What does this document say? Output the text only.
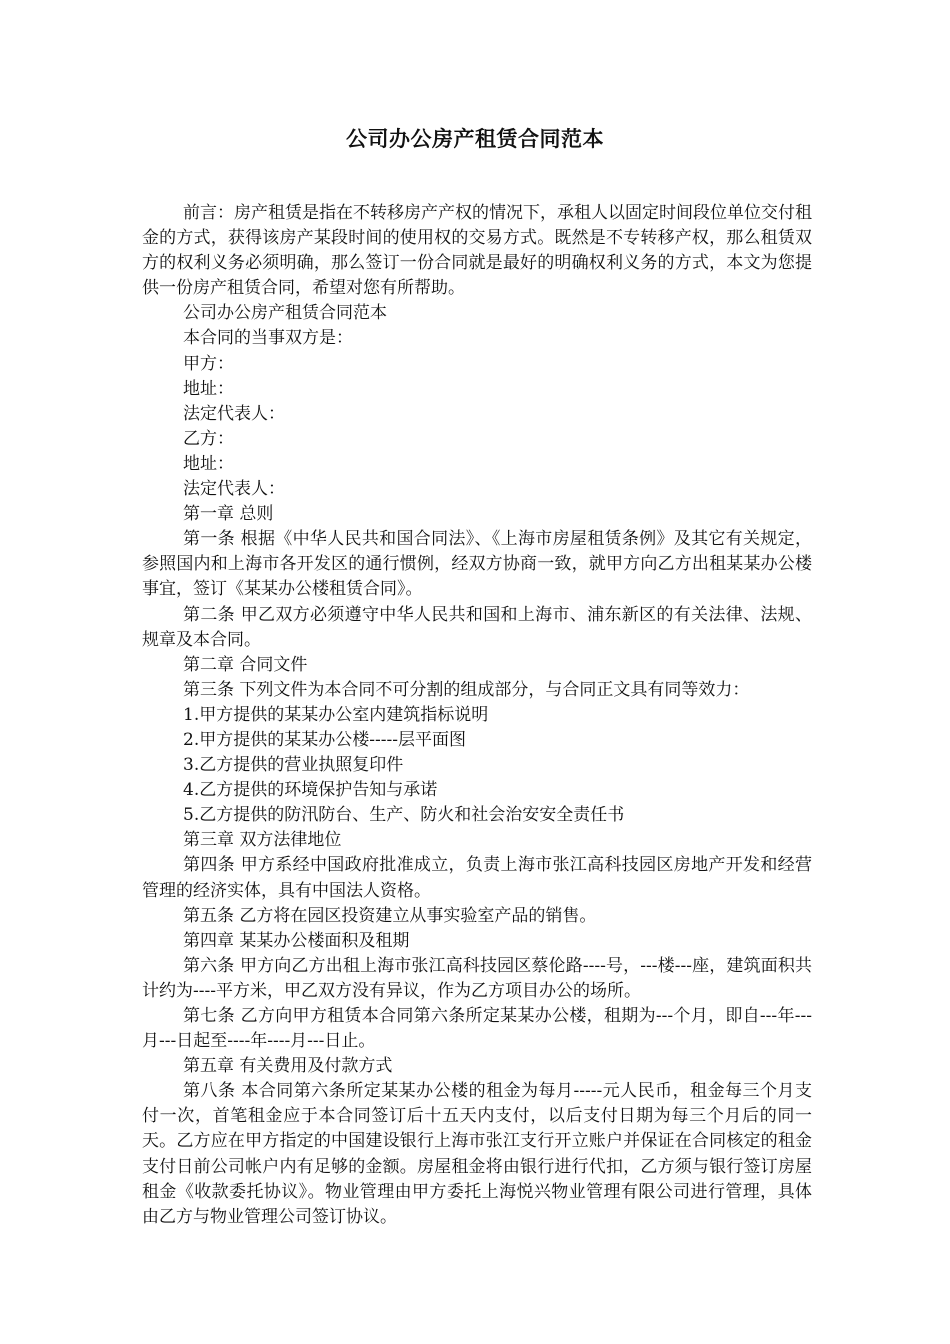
公司办公房产租赁合同范本

前言：房产租赁是指在不转移房产产权的情况下，承租人以固定时间段位单位交付租金的方式，获得该房产某段时间的使用权的交易方式。既然是不专转移产权，那么租赁双方的权利义务必须明确，那么签订一份合同就是最好的明确权利义务的方式，本文为您提供一份房产租赁合同，希望对您有所帮助。

公司办公房产租赁合同范本

本合同的当事双方是：

甲方：

地址：

法定代表人：

乙方：

地址：

法定代表人：

第一章 总则

第一条 根据《中华人民共和国合同法》、《上海市房屋租赁条例》及其它有关规定，参照国内和上海市各开发区的通行惯例，经双方协商一致，就甲方向乙方出租某某办公楼事宜，签订《某某办公楼租赁合同》。

第二条 甲乙双方必须遵守中华人民共和国和上海市、浦东新区的有关法律、法规、规章及本合同。

第二章 合同文件

第三条 下列文件为本合同不可分割的组成部分，与合同正文具有同等效力：

1.甲方提供的某某办公室内建筑指标说明

2.甲方提供的某某办公楼-----层平面图

3.乙方提供的营业执照复印件

4.乙方提供的环境保护告知与承诺

5.乙方提供的防汛防台、生产、防火和社会治安安全责任书

第三章 双方法律地位

第四条 甲方系经中国政府批准成立，负责上海市张江高科技园区房地产开发和经营管理的经济实体，具有中国法人资格。

第五条 乙方将在园区投资建立从事实验室产品的销售。

第四章 某某办公楼面积及租期

第六条 甲方向乙方出租上海市张江高科技园区蔡伦路----号，---楼---座，建筑面积共计约为----平方米，甲乙双方没有异议，作为乙方项目办公的场所。

第七条 乙方向甲方租赁本合同第六条所定某某办公楼，租期为---个月，即自---年---月---日起至----年----月---日止。

第五章 有关费用及付款方式

第八条 本合同第六条所定某某办公楼的租金为每月-----元人民币，租金每三个月支付一次，首笔租金应于本合同签订后十五天内支付，以后支付日期为每三个月后的同一天。乙方应在甲方指定的中国建设银行上海市张江支行开立账户并保证在合同核定的租金支付日前公司帐户内有足够的金额。房屋租金将由银行进行代扣，乙方须与银行签订房屋租金《收款委托协议》。物业管理由甲方委托上海悦兴物业管理有限公司进行管理，具体由乙方与物业管理公司签订协议。
